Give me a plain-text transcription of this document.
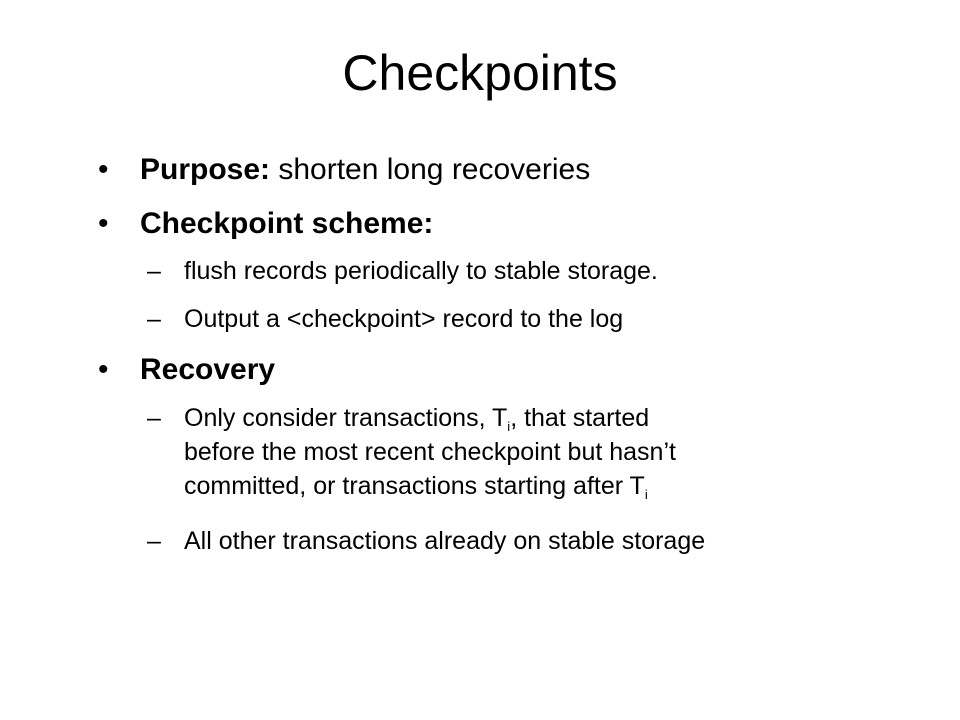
Checkpoints
• Purpose: shorten long recoveries
• Checkpoint scheme:
– flush records periodically to stable storage.
– Output a <checkpoint> record to the log
• Recovery
– Only consider transactions, $T_i$, that started
before the most recent checkpoint but hasn’t
committed, or transactions starting after $T_i$
– All other transactions already on stable storage
